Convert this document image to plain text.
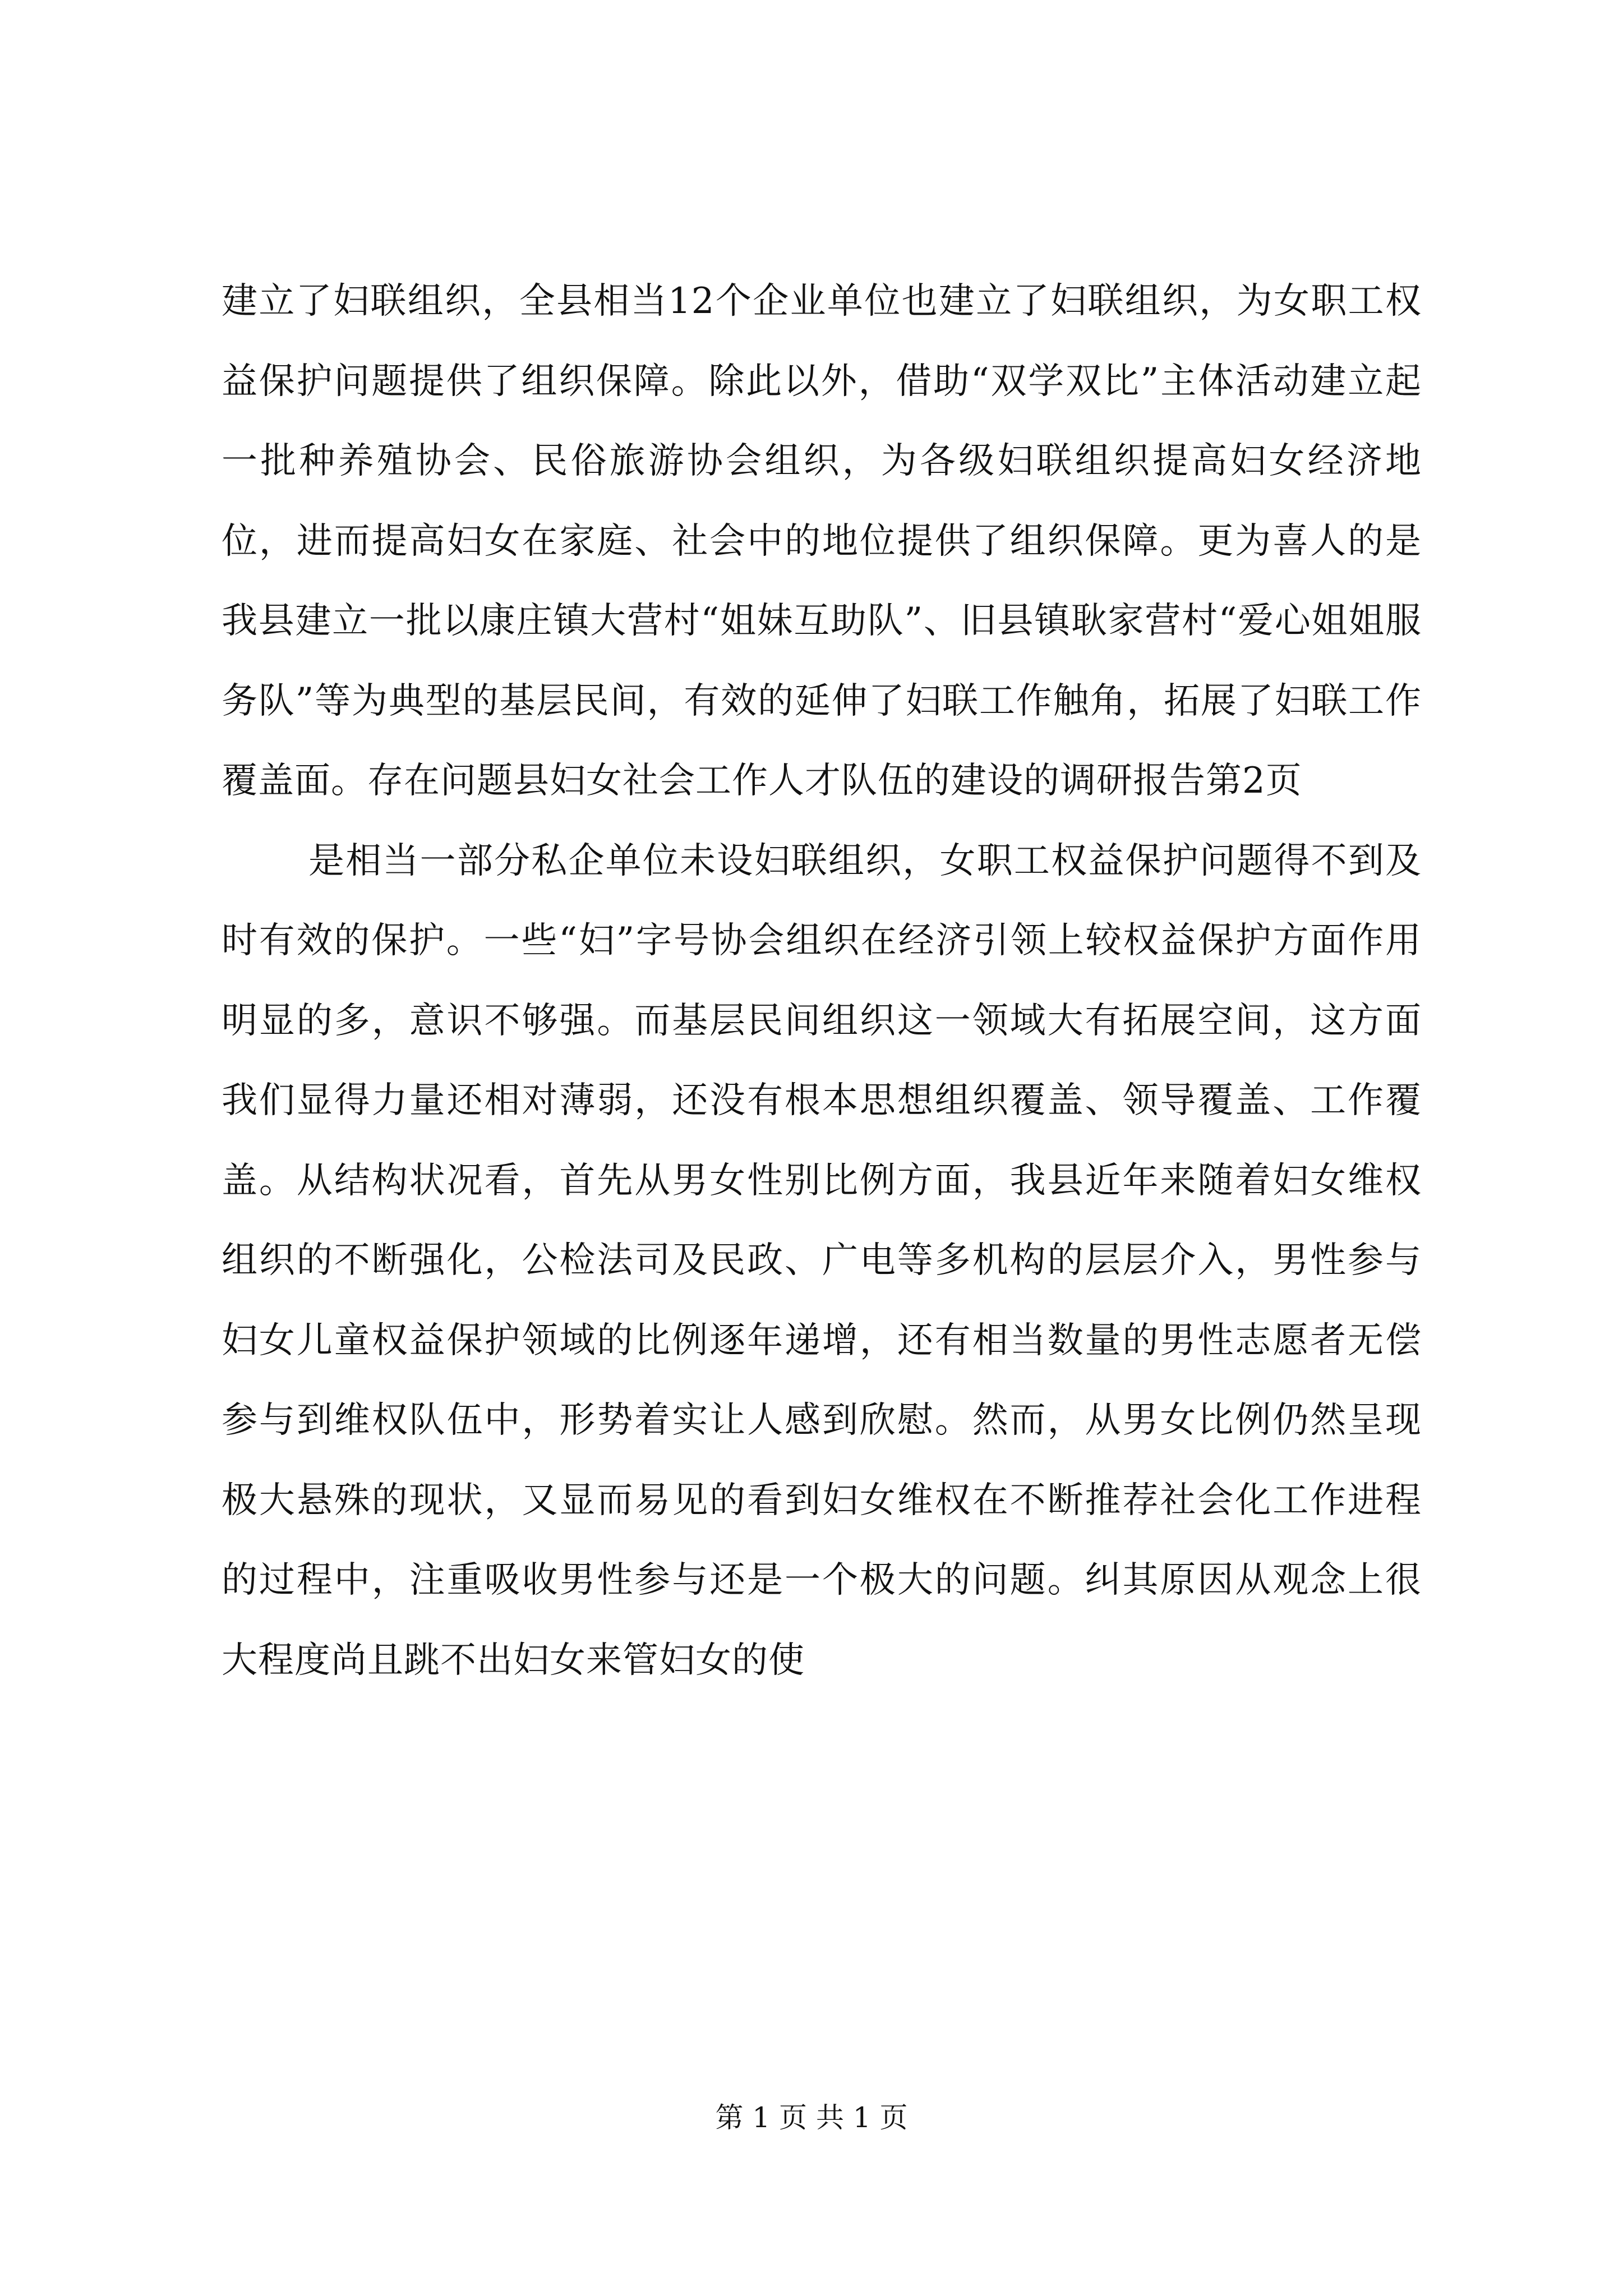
建立了妇联组织，全县相当12个企业单位也建立了妇联组织，为女职工权益保护问题提供了组织保障。除此以外，借助“双学双比”主体活动建立起一批种养殖协会、民俗旅游协会组织，为各级妇联组织提高妇女经济地位，进而提高妇女在家庭、社会中的地位提供了组织保障。更为喜人的是我县建立一批以康庄镇大营村“姐妹互助队”、旧县镇耿家营村“爱心姐姐服务队”等为典型的基层民间，有效的延伸了妇联工作触角，拓展了妇联工作覆盖面。存在问题县妇女社会工作人才队伍的建设的调研报告第2页

是相当一部分私企单位未设妇联组织，女职工权益保护问题得不到及时有效的保护。一些“妇”字号协会组织在经济引领上较权益保护方面作用明显的多，意识不够强。而基层民间组织这一领域大有拓展空间，这方面我们显得力量还相对薄弱，还没有根本思想组织覆盖、领导覆盖、工作覆盖。从结构状况看，首先从男女性别比例方面，我县近年来随着妇女维权组织的不断强化，公检法司及民政、广电等多机构的层层介入，男性参与妇女儿童权益保护领域的比例逐年递增，还有相当数量的男性志愿者无偿参与到维权队伍中，形势着实让人感到欣慰。然而，从男女比例仍然呈现极大悬殊的现状，又显而易见的看到妇女维权在不断推荐社会化工作进程的过程中，注重吸收男性参与还是一个极大的问题。纠其原因从观念上很大程度尚且跳不出妇女来管妇女的使

第 1 页 共 1 页
